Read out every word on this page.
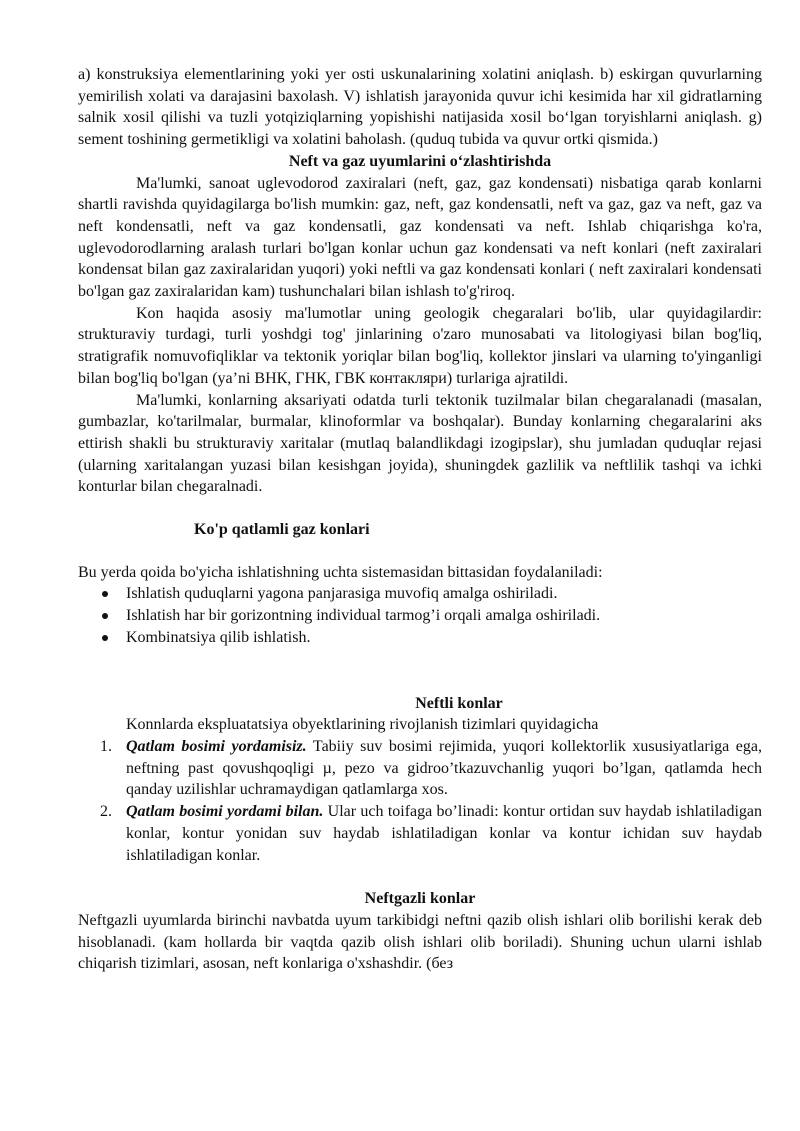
a) konstruksiya elementlarining yoki yer osti uskunalarining xolatini aniqlash. b) eskirgan quvurlarning yemirilish xolati va darajasini baxolash. V) ishlatish jarayonida quvur ichi kesimida har xil gidratlarning salnik xosil qilishi va tuzli yotqiziqlarning yopishishi natijasida xosil bo‘lgan toryishlarni aniqlash. g) sement toshining germetikligi va xolatini baholash. (quduq tubida va quvur ortki qismida.)

Neft va gaz uyumlarini o‘zlashtirishda

Ma'lumki, sanoat uglevodorod zaxiralari (neft, gaz, gaz kondensati) nisbatiga qarab konlarni shartli ravishda quyidagilarga bo'lish mumkin: gaz, neft, gaz kondensatli, neft va gaz, gaz va neft, gaz va neft kondensatli, neft va gaz kondensatli, gaz kondensati va neft. Ishlab chiqarishga ko'ra, uglevodorodlarning aralash turlari bo'lgan konlar uchun gaz kondensati va neft konlari (neft zaxiralari kondensat bilan gaz zaxiralaridan yuqori) yoki neftli va gaz kondensati konlari ( neft zaxiralari kondensati bo'lgan gaz zaxiralaridan kam) tushunchalari bilan ishlash to'g'riroq.

Kon haqida asosiy ma'lumotlar uning geologik chegaralari bo'lib, ular quyidagilardir: strukturaviy turdagi, turli yoshdgi tog' jinlarining o'zaro munosabati va litologiyasi bilan bog'liq, stratigrafik nomuvofiqliklar va tektonik yoriqlar bilan bog'liq, kollektor jinslari va ularning to'yinganligi bilan bog'liq bo'lgan (ya’ni ВНК, ГНК, ГВК контакляри) turlariga ajratildi.

Ma'lumki, konlarning aksariyati odatda turli tektonik tuzilmalar bilan chegaralanadi (masalan, gumbazlar, ko'tarilmalar, burmalar, klinoformlar va boshqalar). Bunday konlarning chegaralarini aks ettirish shakli bu strukturaviy xaritalar (mutlaq balandlikdagi izogipslar), shu jumladan quduqlar rejasi (ularning xaritalangan yuzasi bilan kesishgan joyida), shuningdek gazlilik va neftlilik tashqi va ichki konturlar bilan chegaralnadi.

Ko'p qatlamli gaz konlari

Bu yerda qoida bo'yicha ishlatishning uchta sistemasidan bittasidan foydalaniladi:

Ishlatish quduqlarni yagona panjarasiga muvofiq amalga oshiriladi.
Ishlatish har bir gorizontning individual tarmog’i orqali amalga oshiriladi.
Kombinatsiya qilib ishlatish.

Neftli konlar

Konnlarda ekspluatatsiya obyektlarining rivojlanish tizimlari quyidagicha

1. Qatlam bosimi yordamisiz. Tabiiy suv bosimi rejimida, yuqori kollektorlik xususiyatlariga ega, neftning past qovushqoqligi µ, pezo va gidroo’tkazuvchanlig yuqori bo’lgan, qatlamda hech qanday uzilishlar uchramaydigan qatlamlarga xos.
2. Qatlam bosimi yordami bilan. Ular uch toifaga bo’linadi: kontur ortidan suv haydab ishlatiladigan konlar, kontur yonidan suv haydab ishlatiladigan konlar va kontur ichidan suv haydab ishlatiladigan konlar.

Neftgazli konlar

Neftgazli uyumlarda birinchi navbatda uyum tarkibidgi neftni qazib olish ishlari olib borilishi kerak deb hisoblanadi. (kam hollarda bir vaqtda qazib olish ishlari olib boriladi). Shuning uchun ularni ishlab chiqarish tizimlari, asosan, neft konlariga o'xshashdir. (без
